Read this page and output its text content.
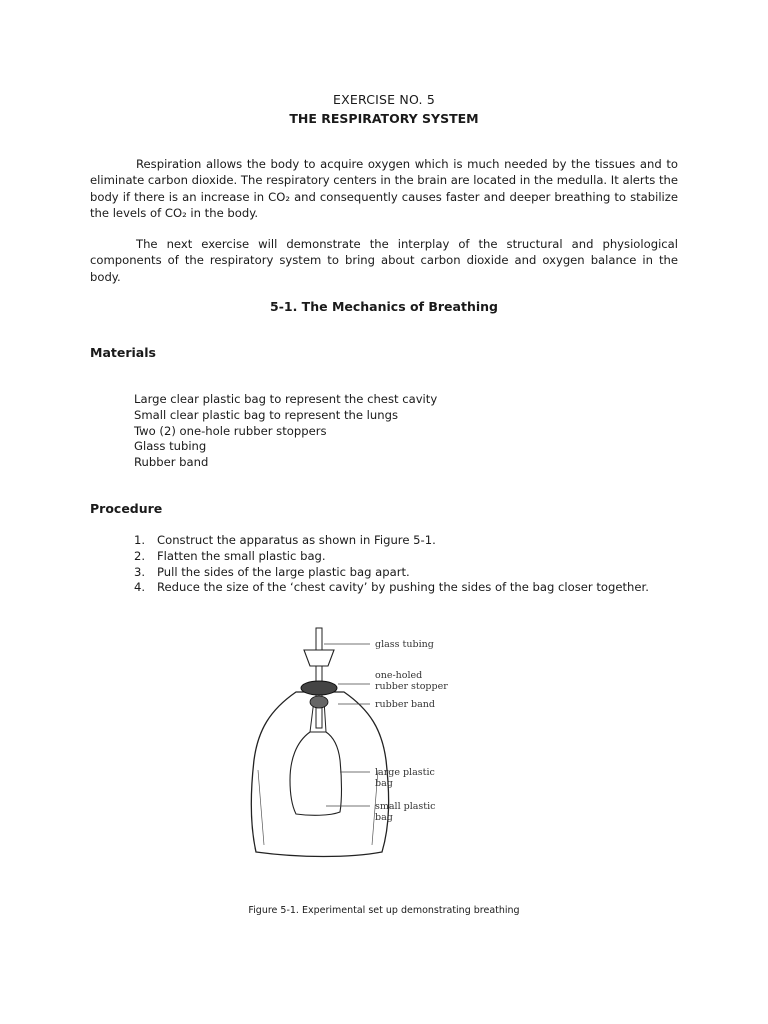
EXERCISE NO. 5
THE RESPIRATORY SYSTEM

Respiration allows the body to acquire oxygen which is much needed by the tissues and to eliminate carbon dioxide. The respiratory centers in the brain are located in the medulla. It alerts the body if there is an increase in CO₂ and consequently causes faster and deeper breathing to stabilize the levels of CO₂ in the body.

The next exercise will demonstrate the interplay of the structural and physiological components of the respiratory system to bring about carbon dioxide and oxygen balance in the body.

5-1. The Mechanics of Breathing
Materials
Large clear plastic bag to represent the chest cavity
Small clear plastic bag to represent the lungs
Two (2) one-hole rubber stoppers
Glass tubing
Rubber band
Procedure
1.	Construct the apparatus as shown in Figure 5-1.
2.	Flatten the small plastic bag.
3.	Pull the sides of the large plastic bag apart.
4.	Reduce the size of the ‘chest cavity’ by pushing the sides of the bag closer together.
glass tubing
one-holed
rubber stopper
rubber band
large plastic
bag
small plastic
bag
Figure 5-1. Experimental set up demonstrating breathing
